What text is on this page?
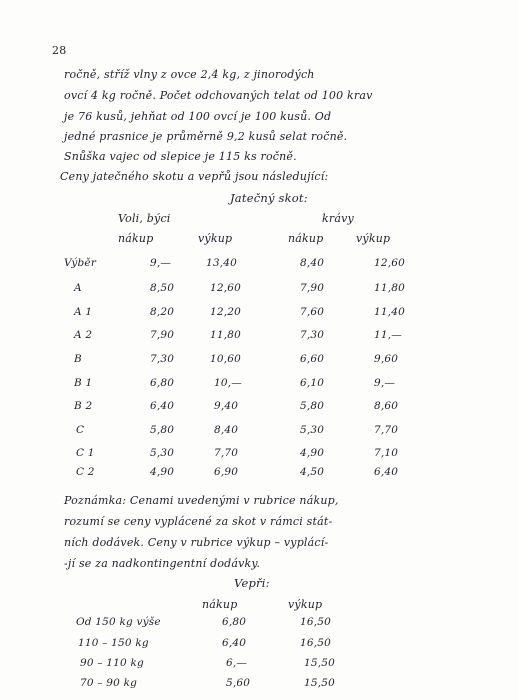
28
ročně, stříž vlny z ovce 2,4 kg, z jinorodých
ovcí 4 kg ročně. Počet odchovaných telat od 100 krav
je 76 kusů, jehňat od 100 ovcí je 100 kusů. Od
jedné prasnice je průměrně 9,2 kusů selat ročně.
Snůška vajec od slepice je 115 ks ročně.
Ceny jatečného skotu a vepřů jsou následující:
Jatečný skot:
Voli, býci	krávy
nákup	výkup	nákup	výkup
Výběr	9,—	13,40	8,40	12,60
A	8,50	12,60	7,90	11,80
A 1	8,20	12,20	7,60	11,40
A 2	7,90	11,80	7,30	11,—
B	7,30	10,60	6,60	9,60
B 1	6,80	10,—	6,10	9,—
B 2	6,40	9,40	5,80	8,60
C	5,80	8,40	5,30	7,70
C 1	5,30	7,70	4,90	7,10
C 2	4,90	6,90	4,50	6,40
Poznámka: Cenami uvedenými v rubrice nákup,
rozumí se ceny vyplácené za skot v rámci stát-
ních dodávek. Ceny v rubrice výkup – vyplácí-
-jí se za nadkontingentní dodávky.
Vepři:
nákup	výkup
Od 150 kg výše	6,80	16,50
110 – 150 kg	6,40	16,50
90 – 110 kg	6,—	15,50
70 – 90 kg	5,60	15,50
